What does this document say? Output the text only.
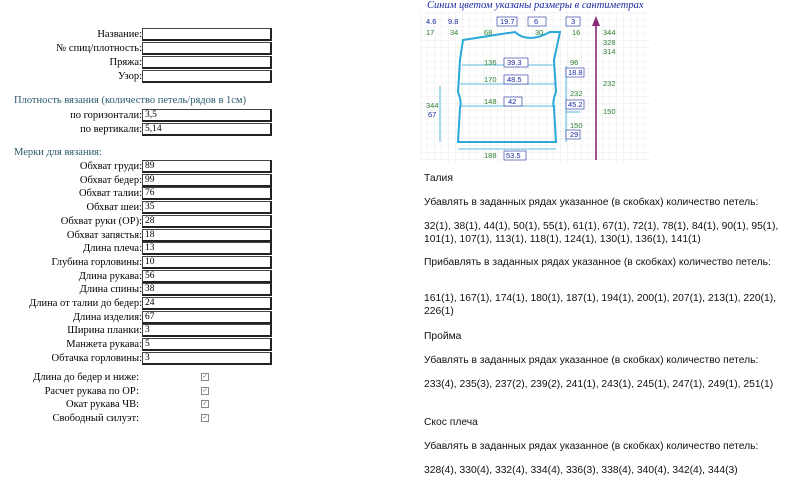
Название:
№ спиц/плотность:
Пряжа:
Узор:
Плотность вязания (количество петель/рядов в 1см)
по горизонтали: 3,5
по вертикали: 5,14
Мерки для вязания:
Обхват груди: 89
Обхват бедер: 99
Обхват талии: 76
Обхват шеи: 35
Обхват руки (ОР): 28
Обхват запястья: 18
Длина плеча: 13
Глубина горловины: 10
Длина рукава: 56
Длина спины: 38
Длина от талии до бедер: 24
Длина изделия: 67
Ширина планки: 3
Манжета рукава: 5
Обтачка горловины: 3
Длина до бедер и ниже:	✓
Расчет рукава по ОР:	✓
Окат рукава ЧВ:	✓
Свободный силуэт:	✓
Синим цветом указаны размеры в сантиметрах
4.6 9.8	19.7	6	3
17 34	68	30	16
136 39.3	96
18.8
170 48.5
232
45.2
148 42
150
29
188 53.5
344
67
344
328
314
232
150
Талия
Убавлять в заданных рядах указанное (в скобках) количество петель:
32(1), 38(1), 44(1), 50(1), 55(1), 61(1), 67(1), 72(1), 78(1), 84(1), 90(1), 95(1), 101(1), 107(1), 113(1), 118(1), 124(1), 130(1), 136(1), 141(1)
Прибавлять в заданных рядах указанное (в скобках) количество петель:
161(1), 167(1), 174(1), 180(1), 187(1), 194(1), 200(1), 207(1), 213(1), 220(1), 226(1)
Пройма
Убавлять в заданных рядах указанное (в скобках) количество петель:
233(4), 235(3), 237(2), 239(2), 241(1), 243(1), 245(1), 247(1), 249(1), 251(1)
Скос плеча
Убавлять в заданных рядах указанное (в скобках) количество петель:
328(4), 330(4), 332(4), 334(4), 336(3), 338(4), 340(4), 342(4), 344(3)
